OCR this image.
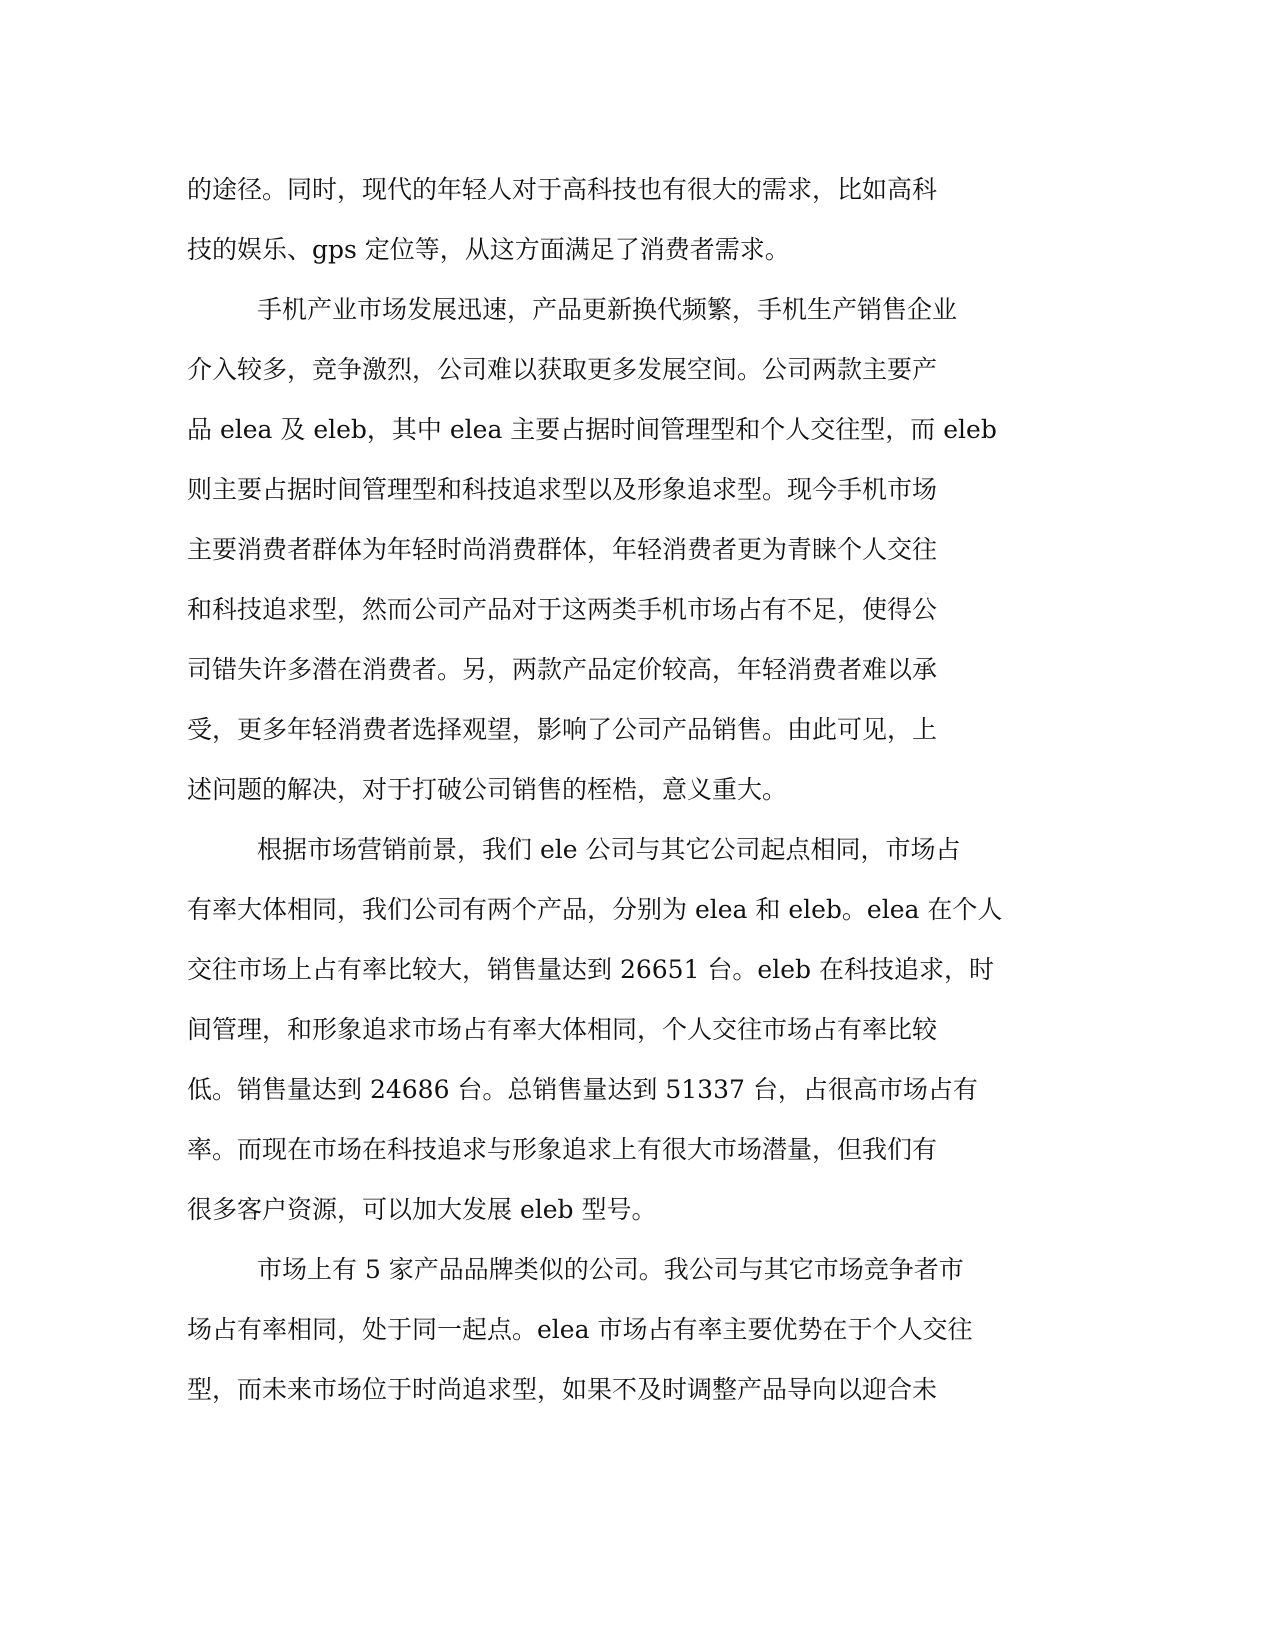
的途径。同时，现代的年轻人对于高科技也有很大的需求，比如高科
技的娱乐、gps 定位等，从这方面满足了消费者需求。
手机产业市场发展迅速，产品更新换代频繁，手机生产销售企业
介入较多，竞争激烈，公司难以获取更多发展空间。公司两款主要产
品 elea 及 eleb，其中 elea 主要占据时间管理型和个人交往型，而 eleb
则主要占据时间管理型和科技追求型以及形象追求型。现今手机市场
主要消费者群体为年轻时尚消费群体，年轻消费者更为青睐个人交往
和科技追求型，然而公司产品对于这两类手机市场占有不足，使得公
司错失许多潜在消费者。另，两款产品定价较高，年轻消费者难以承
受，更多年轻消费者选择观望，影响了公司产品销售。由此可见，上
述问题的解决，对于打破公司销售的桎梏，意义重大。
根据市场营销前景，我们 ele 公司与其它公司起点相同，市场占
有率大体相同，我们公司有两个产品，分别为 elea 和 eleb。elea 在个人
交往市场上占有率比较大，销售量达到 26651 台。eleb 在科技追求，时
间管理，和形象追求市场占有率大体相同，个人交往市场占有率比较
低。销售量达到 24686 台。总销售量达到 51337 台，占很高市场占有
率。而现在市场在科技追求与形象追求上有很大市场潜量，但我们有
很多客户资源，可以加大发展 eleb 型号。
市场上有 5 家产品品牌类似的公司。我公司与其它市场竞争者市
场占有率相同，处于同一起点。elea 市场占有率主要优势在于个人交往
型，而未来市场位于时尚追求型，如果不及时调整产品导向以迎合未
